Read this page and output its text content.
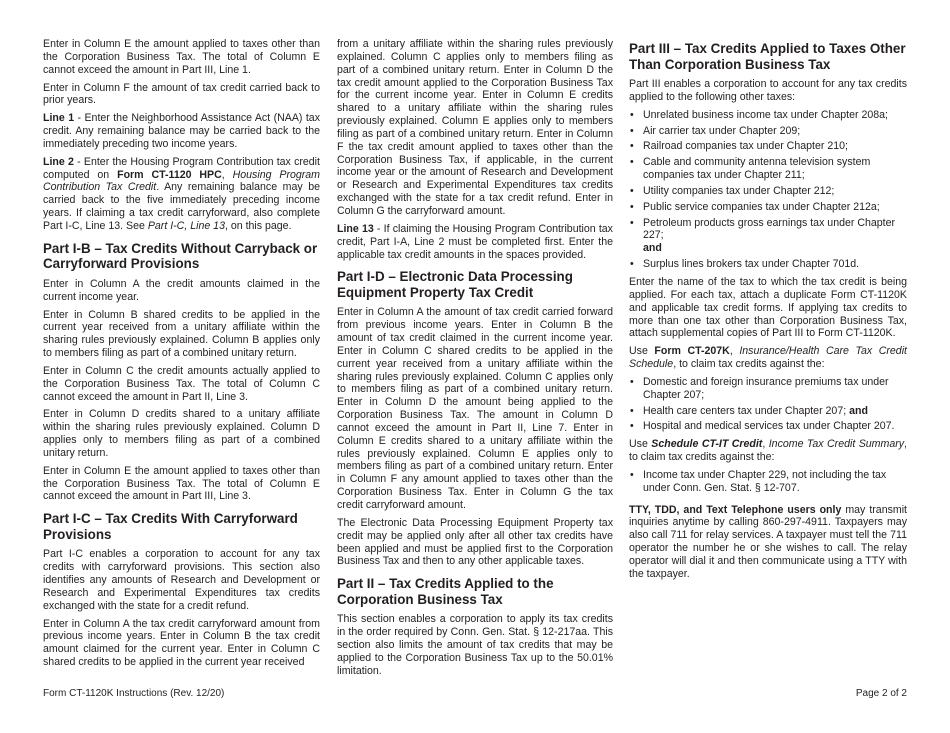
Enter in Column E the amount applied to taxes other than the Corporation Business Tax. The total of Column E cannot exceed the amount in Part III, Line 1.

Enter in Column F the amount of tax credit carried back to prior years.

Line 1 - Enter the Neighborhood Assistance Act (NAA) tax credit. Any remaining balance may be carried back to the immediately preceding two income years.

Line 2 - Enter the Housing Program Contribution tax credit computed on Form CT-1120 HPC, Housing Program Contribution Tax Credit. Any remaining balance may be carried back to the five immediately preceding income years. If claiming a tax credit carryforward, also complete Part I-C, Line 13. See Part I-C, Line 13, on this page.

Part I-B – Tax Credits Without Carryback or Carryforward Provisions

Enter in Column A the credit amounts claimed in the current income year.

Enter in Column B shared credits to be applied in the current year received from a unitary affiliate within the sharing rules previously explained. Column B applies only to members filing as part of a combined unitary return.

Enter in Column C the credit amounts actually applied to the Corporation Business Tax. The total of Column C cannot exceed the amount in Part II, Line 3.

Enter in Column D credits shared to a unitary affiliate within the sharing rules previously explained. Column D applies only to members filing as part of a combined unitary return.

Enter in Column E the amount applied to taxes other than the Corporation Business Tax. The total of Column E cannot exceed the amount in Part III, Line 3.

Part I-C – Tax Credits With Carryforward Provisions

Part I-C enables a corporation to account for any tax credits with carryforward provisions. This section also identifies any amounts of Research and Development or Research and Experimental Expenditures tax credits exchanged with the state for a credit refund.

Enter in Column A the tax credit carryforward amount from previous income years. Enter in Column B the tax credit amount claimed for the current year. Enter in Column C shared credits to be applied in the current year received

from a unitary affiliate within the sharing rules previously explained. Column C applies only to members filing as part of a combined unitary return. Enter in Column D the tax credit amount applied to the Corporation Business Tax for the current income year. Enter in Column E credits shared to a unitary affiliate within the sharing rules previously explained. Column E applies only to members filing as part of a combined unitary return. Enter in Column F the tax credit amount applied to taxes other than the Corporation Business Tax, if applicable, in the current income year or the amount of Research and Development or Research and Experimental Expenditures tax credits exchanged with the state for a tax credit refund. Enter in Column G the carryforward amount.

Line 13 - If claiming the Housing Program Contribution tax credit, Part I-A, Line 2 must be completed first. Enter the applicable tax credit amounts in the spaces provided.

Part I-D – Electronic Data Processing Equipment Property Tax Credit

Enter in Column A the amount of tax credit carried forward from previous income years. Enter in Column B the amount of tax credit claimed in the current income year. Enter in Column C shared credits to be applied in the current year received from a unitary affiliate within the sharing rules previously explained. Column C applies only to members filing as part of a combined unitary return. Enter in Column D the amount being applied to the Corporation Business Tax. The amount in Column D cannot exceed the amount in Part II, Line 7. Enter in Column E credits shared to a unitary affiliate within the rules previously explained. Column E applies only to members filing as part of a combined unitary return. Enter in Column F any amount applied to taxes other than the Corporation Business Tax. Enter in Column G the tax credit carryforward amount.

The Electronic Data Processing Equipment Property tax credit may be applied only after all other tax credits have been applied and must be applied first to the Corporation Business Tax and then to any other applicable taxes.

Part II – Tax Credits Applied to the Corporation Business Tax

This section enables a corporation to apply its tax credits in the order required by Conn. Gen. Stat. § 12-217aa. This section also limits the amount of tax credits that may be applied to the Corporation Business Tax up to the 50.01% limitation.

Part III – Tax Credits Applied to Taxes Other Than Corporation Business Tax

Part III enables a corporation to account for any tax credits applied to the following other taxes:

• Unrelated business income tax under Chapter 208a;
• Air carrier tax under Chapter 209;
• Railroad companies tax under Chapter 210;
• Cable and community antenna television system companies tax under Chapter 211;
• Utility companies tax under Chapter 212;
• Public service companies tax under Chapter 212a;
• Petroleum products gross earnings tax under Chapter 227;
and
• Surplus lines brokers tax under Chapter 701d.

Enter the name of the tax to which the tax credit is being applied. For each tax, attach a duplicate Form CT-1120K and applicable tax credit forms. If applying tax credits to more than one tax other than Corporation Business Tax, attach supplemental copies of Part III to Form CT-1120K.

Use Form CT-207K, Insurance/Health Care Tax Credit Schedule, to claim tax credits against the:

• Domestic and foreign insurance premiums tax under Chapter 207;
• Health care centers tax under Chapter 207; and
• Hospital and medical services tax under Chapter 207.

Use Schedule CT-IT Credit, Income Tax Credit Summary, to claim tax credits against the:

• Income tax under Chapter 229, not including the tax under Conn. Gen. Stat. § 12-707.

TTY, TDD, and Text Telephone users only may transmit inquiries anytime by calling 860-297-4911. Taxpayers may also call 711 for relay services. A taxpayer must tell the 711 operator the number he or she wishes to call. The relay operator will dial it and then communicate using a TTY with the taxpayer.

Form CT-1120K Instructions (Rev. 12/20)	Page 2 of 2
